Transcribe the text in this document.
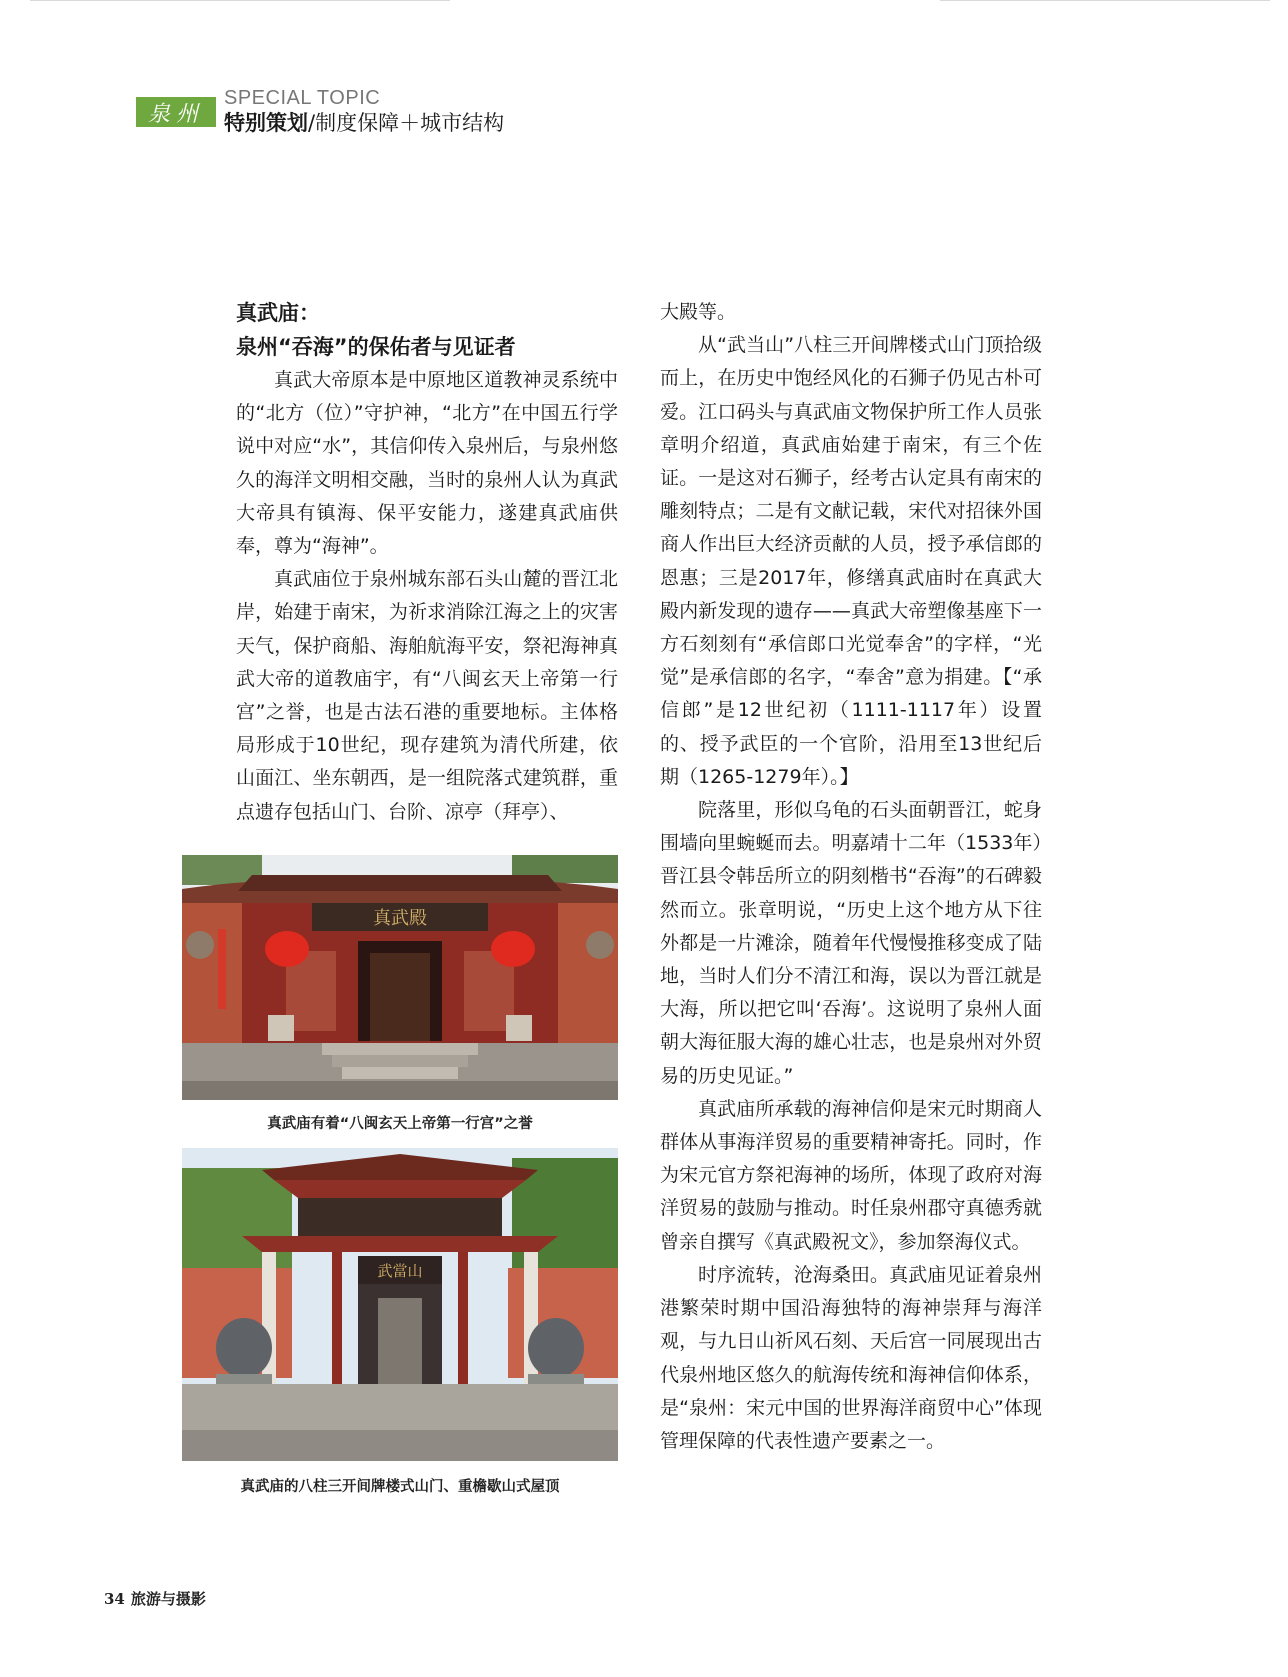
泉州
SPECIAL TOPIC
特别策划/制度保障＋城市结构
真武庙：
泉州“吞海”的保佑者与见证者

真武大帝原本是中原地区道教神灵系统中的“北方（位）”守护神，“北方”在中国五行学说中对应“水”，其信仰传入泉州后，与泉州悠久的海洋文明相交融，当时的泉州人认为真武大帝具有镇海、保平安能力，遂建真武庙供奉，尊为“海神”。

真武庙位于泉州城东部石头山麓的晋江北岸，始建于南宋，为祈求消除江海之上的灾害天气，保护商船、海舶航海平安，祭祀海神真武大帝的道教庙宇，有“八闽玄天上帝第一行宫”之誉，也是古法石港的重要地标。主体格局形成于10世纪，现存建筑为清代所建，依山面江、坐东朝西，是一组院落式建筑群，重点遗存包括山门、台阶、凉亭（拜亭）、

真武殿
真武庙有着“八闽玄天上帝第一行宫”之誉
武當山
真武庙的八柱三开间牌楼式山门、重檐歇山式屋顶

大殿等。

从“武当山”八柱三开间牌楼式山门顶拾级而上，在历史中饱经风化的石狮子仍见古朴可爱。江口码头与真武庙文物保护所工作人员张章明介绍道，真武庙始建于南宋，有三个佐证。一是这对石狮子，经考古认定具有南宋的雕刻特点；二是有文献记载，宋代对招徕外国商人作出巨大经济贡献的人员，授予承信郎的恩惠；三是2017年，修缮真武庙时在真武大殿内新发现的遗存——真武大帝塑像基座下一方石刻刻有“承信郎口光觉奉舍”的字样，“光觉”是承信郎的名字，“奉舍”意为捐建。【“承信郎”是12世纪初（1111-1117年）设置的、授予武臣的一个官阶，沿用至13世纪后期（1265-1279年）。】

院落里，形似乌龟的石头面朝晋江，蛇身围墙向里蜿蜒而去。明嘉靖十二年（1533年）晋江县令韩岳所立的阴刻楷书“吞海”的石碑毅然而立。张章明说，“历史上这个地方从下往外都是一片滩涂，随着年代慢慢推移变成了陆地，当时人们分不清江和海，误以为晋江就是大海，所以把它叫‘吞海’。这说明了泉州人面朝大海征服大海的雄心壮志，也是泉州对外贸易的历史见证。”

真武庙所承载的海神信仰是宋元时期商人群体从事海洋贸易的重要精神寄托。同时，作为宋元官方祭祀海神的场所，体现了政府对海洋贸易的鼓励与推动。时任泉州郡守真德秀就曾亲自撰写《真武殿祝文》，参加祭海仪式。

时序流转，沧海桑田。真武庙见证着泉州港繁荣时期中国沿海独特的海神崇拜与海洋观，与九日山祈风石刻、天后宫一同展现出古代泉州地区悠久的航海传统和海神信仰体系，是“泉州：宋元中国的世界海洋商贸中心”体现管理保障的代表性遗产要素之一。

34 旅游与摄影
